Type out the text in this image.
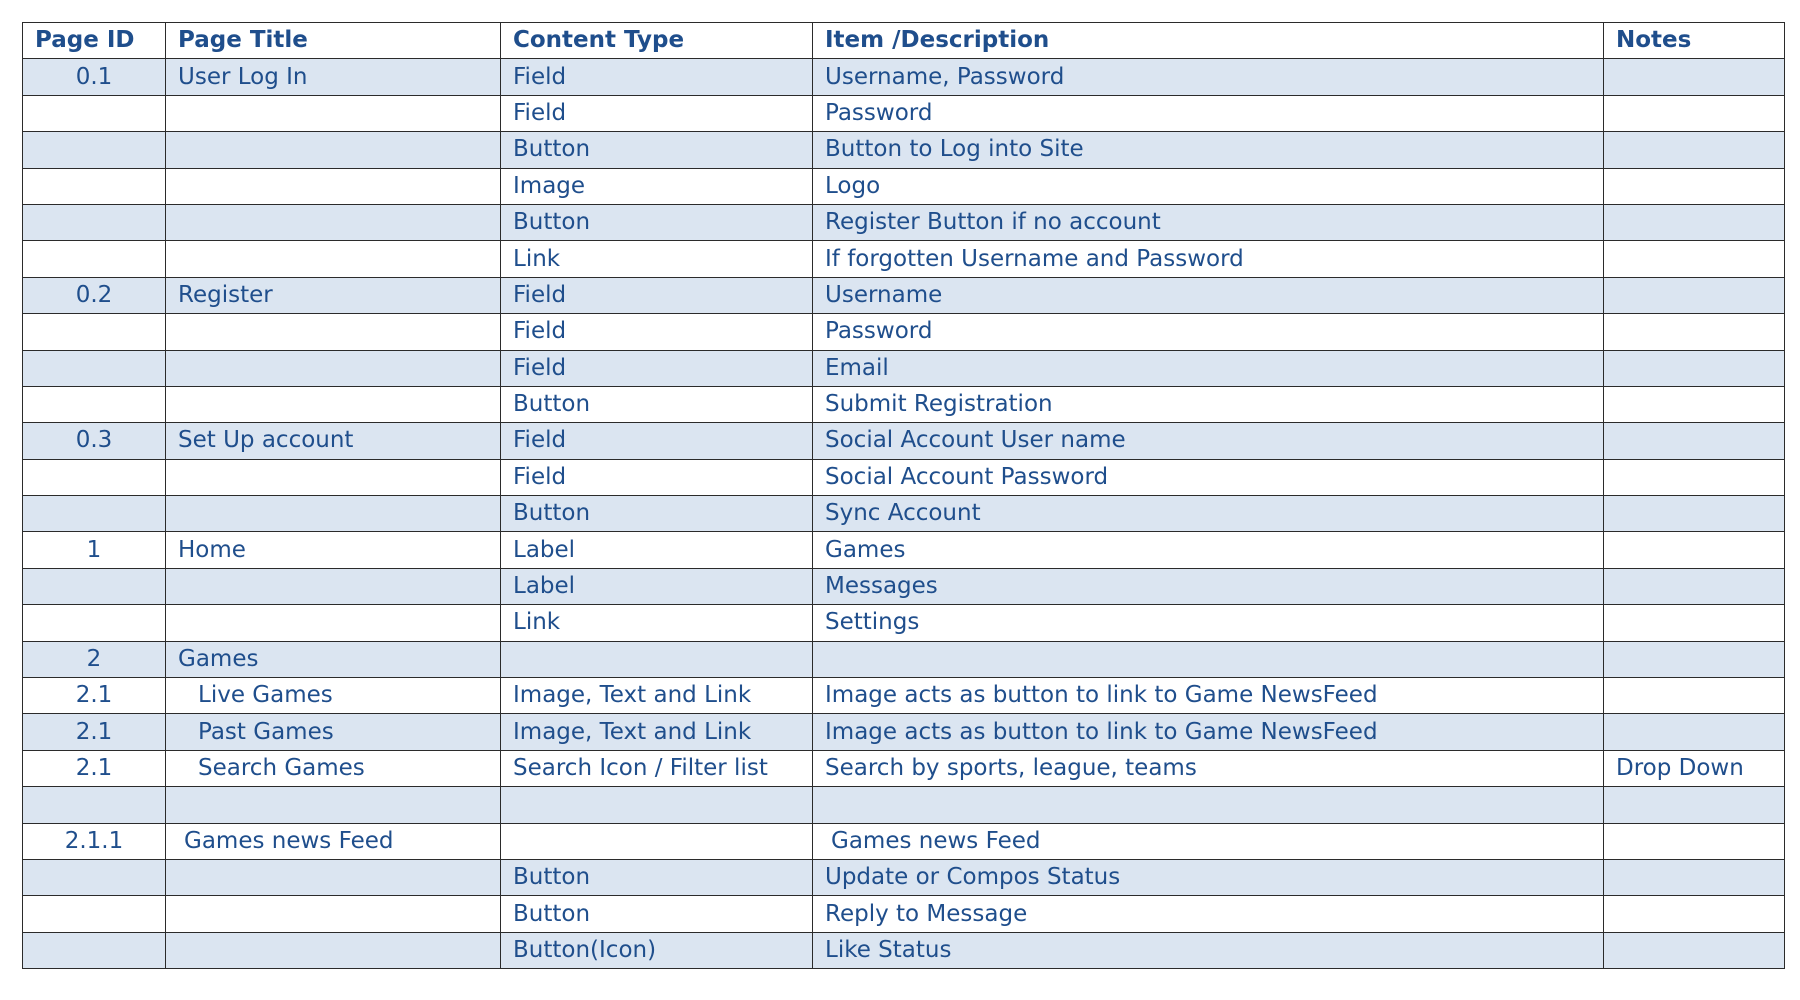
Page ID	Page Title	Content Type	Item /Description	Notes
0.1	User Log In	Field	Username, Password	
		Field	Password	
		Button	Button to Log into Site	
		Image	Logo	
		Button	Register Button if no account	
		Link	If forgotten Username and Password	
0.2	Register	Field	Username	
		Field	Password	
		Field	Email	
		Button	Submit Registration	
0.3	Set Up account	Field	Social Account User name	
		Field	Social Account Password	
		Button	Sync Account	
1	Home	Label	Games	
		Label	Messages	
		Link	Settings	
2	Games			
2.1	Live Games	Image, Text and Link	Image acts as button to link to Game NewsFeed	
2.1	Past Games	Image, Text and Link	Image acts as button to link to Game NewsFeed	
2.1	Search Games	Search Icon / Filter list	Search by sports, league, teams	Drop Down

2.1.1	Games news Feed		Games news Feed	
		Button	Update or Compos Status	
		Button	Reply to Message	
		Button(Icon)	Like Status	
